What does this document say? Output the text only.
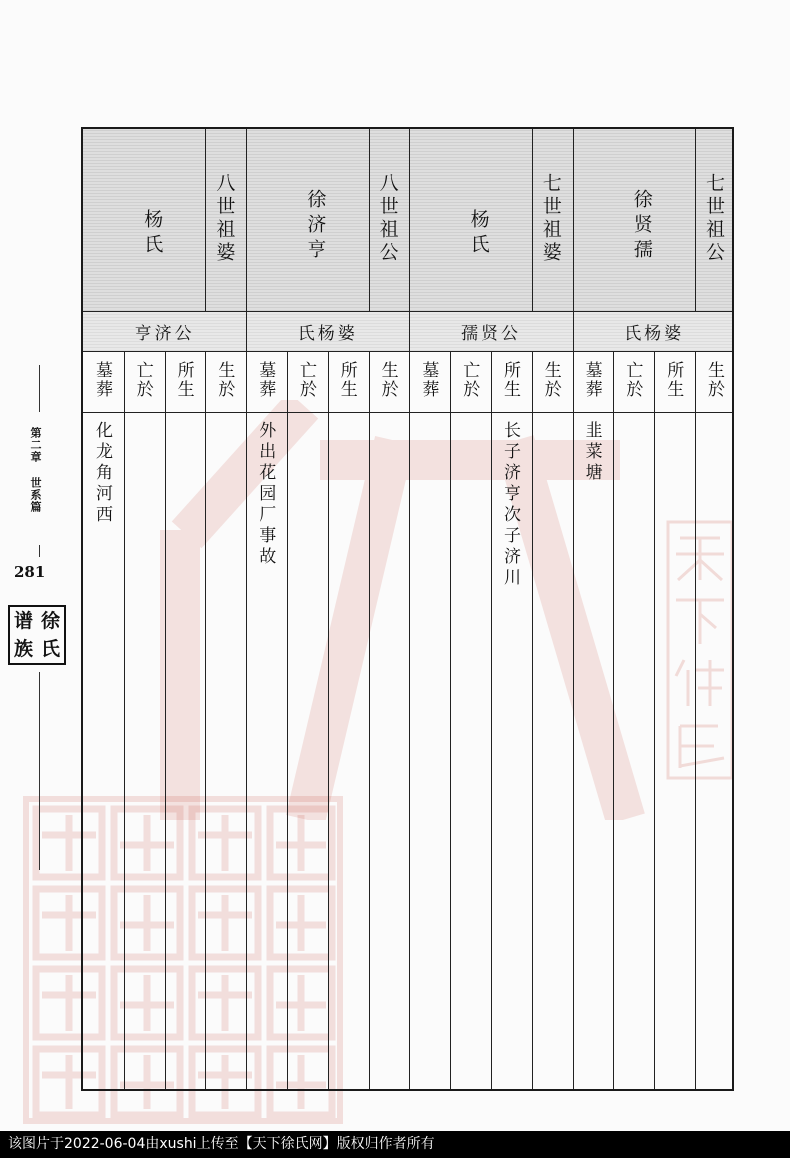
第二章 世系篇
281
谱 徐
族 氏
杨氏
亨济公
墓葬
化龙角河西
亡於 所生
八世祖婆
生於
徐济亨
氏杨婆
墓葬
外出花园厂事故
亡於 所生
八世祖公
生於
杨氏
孺贤公
墓葬 亡於 所生
长子济亨次子济川
七世祖婆
生於
徐贤孺
氏杨婆
墓葬
韭菜塘
亡於 所生
七世祖公
生於
该图片于2022-06-04由xushi上传至【天下徐氏网】版权归作者所有
